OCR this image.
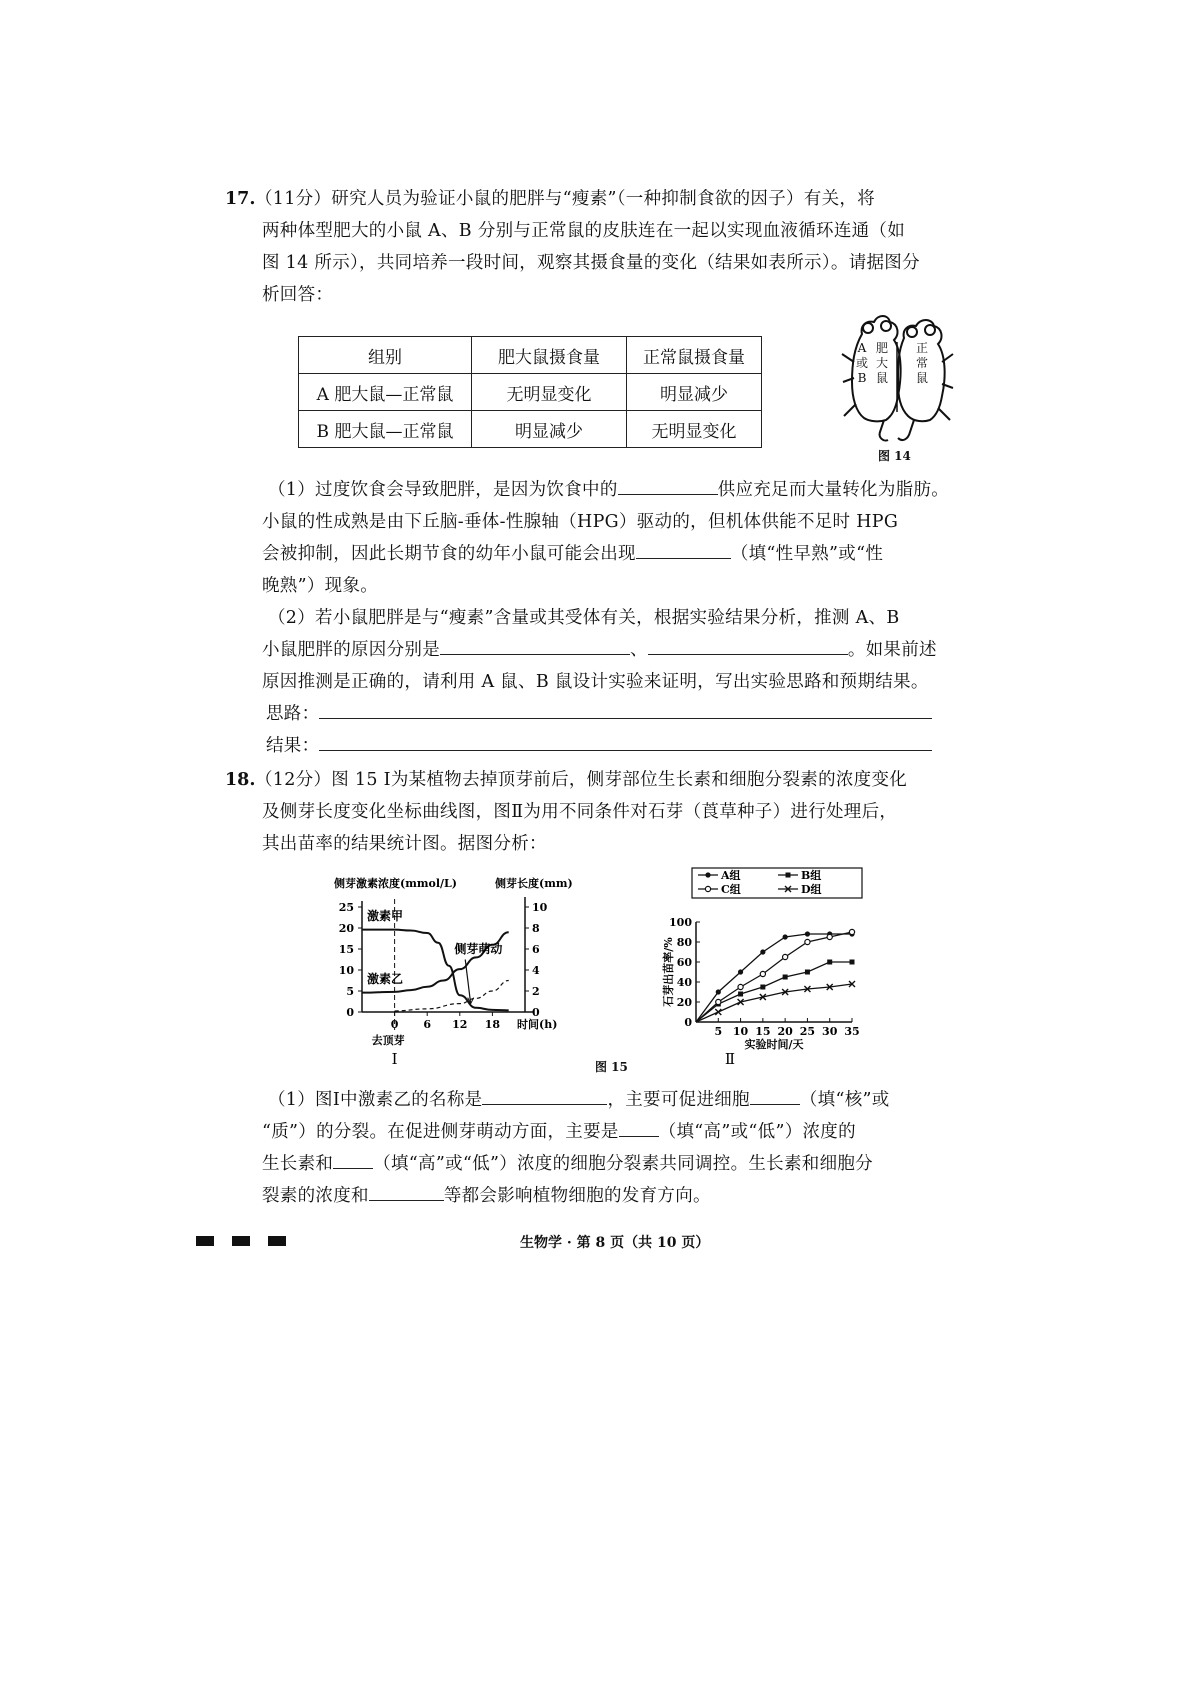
17. （11分）研究人员为验证小鼠的肥胖与“瘦素”（一种抑制食欲的因子）有关，将
两种体型肥大的小鼠 A、B 分别与正常鼠的皮肤连在一起以实现血液循环连通（如
图 14 所示），共同培养一段时间，观察其摄食量的变化（结果如表所示）。请据图分
析回答：
组别	肥大鼠摄食量	正常鼠摄食量
A 肥大鼠—正常鼠	无明显变化	明显减少
B 肥大鼠—正常鼠	明显减少	无明显变化
A
或
B
肥
大
鼠
正
常
鼠
图 14
（1）过度饮食会导致肥胖，是因为饮食中的	供应充足而大量转化为脂肪。
小鼠的性成熟是由下丘脑-垂体-性腺轴（HPG）驱动的，但机体供能不足时 HPG
会被抑制，因此长期节食的幼年小鼠可能会出现	（填“性早熟”或“性
晚熟”）现象。
（2）若小鼠肥胖是与“瘦素”含量或其受体有关，根据实验结果分析，推测 A、B
小鼠肥胖的原因分别是	、	。如果前述
原因推测是正确的，请利用 A 鼠、B 鼠设计实验来证明，写出实验思路和预期结果。
思路：
结果：
18. （12分）图 15 Ⅰ为某植物去掉顶芽前后，侧芽部位生长素和细胞分裂素的浓度变化
及侧芽长度变化坐标曲线图，图Ⅱ为用不同条件对石芽（莨草种子）进行处理后，
其出苗率的结果统计图。据图分析：
侧芽激素浓度(mmol/L)	侧芽长度(mm)
0
5
10
15
20
25
0
2
4
6
8
10
0 6 12 18 时间(h)
去顶芽
激素甲
激素乙
侧芽萌动
Ⅰ
0
20
40
60
80
100
5 10 15 20 25 30 35
实验时间/天
石芽出苗率/%
A组	B组
C组	D组
Ⅱ
图 15
（1）图Ⅰ中激素乙的名称是	，主要可促进细胞	（填“核”或
“质”）的分裂。在促进侧芽萌动方面，主要是 （填“高”或“低”）浓度的
生长素和 （填“高”或“低”）浓度的细胞分裂素共同调控。生长素和细胞分
裂素的浓度和	等都会影响植物细胞的发育方向。
生物学 · 第 8 页（共 10 页）
